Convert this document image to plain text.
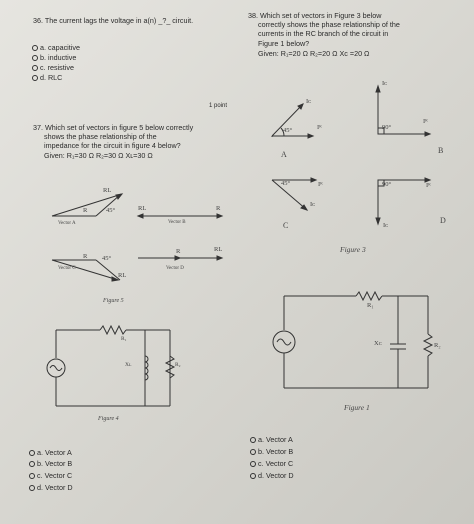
36. The current lags the voltage in a(n) _?_ circuit.
a. capacitive
b. inductive
c. resistive
d. RLC
38. Which set of vectors in Figure 3 below
correctly shows the phase relationship of the
currents in the RC branch of the circuit in
Figure 1 below?
Given: R₁=20 Ω R₂=20 Ω Xᴄ =20 Ω
1 point
37. Which set of vectors in figure 5 below correctly
shows the phase relationship of the
impedance for the circuit in figure 4 below?
Given: R₁=30 Ω R₂=30 Ω Xʟ=30 Ω
45°
Iᴄ
Iᴿ
A
Iᴄ
90°
Iᴿ
B
45°	Iᴿ
Iᴄ
C
90°	Iᴿ
Iᴄ
D
Figure 3
R₁
Xᴄ	R₂
Figure 1
RL
R	45°
Vector A
RL	R
Vector B
R 45°
RL
Vector C
R	RL
Vector D
Figure 5
R₁
Xʟ	R₂
Figure 4
a. Vector A
b. Vector B
c. Vector C
d. Vector D
a. Vector A
b. Vector B
c. Vector C
d. Vector D
